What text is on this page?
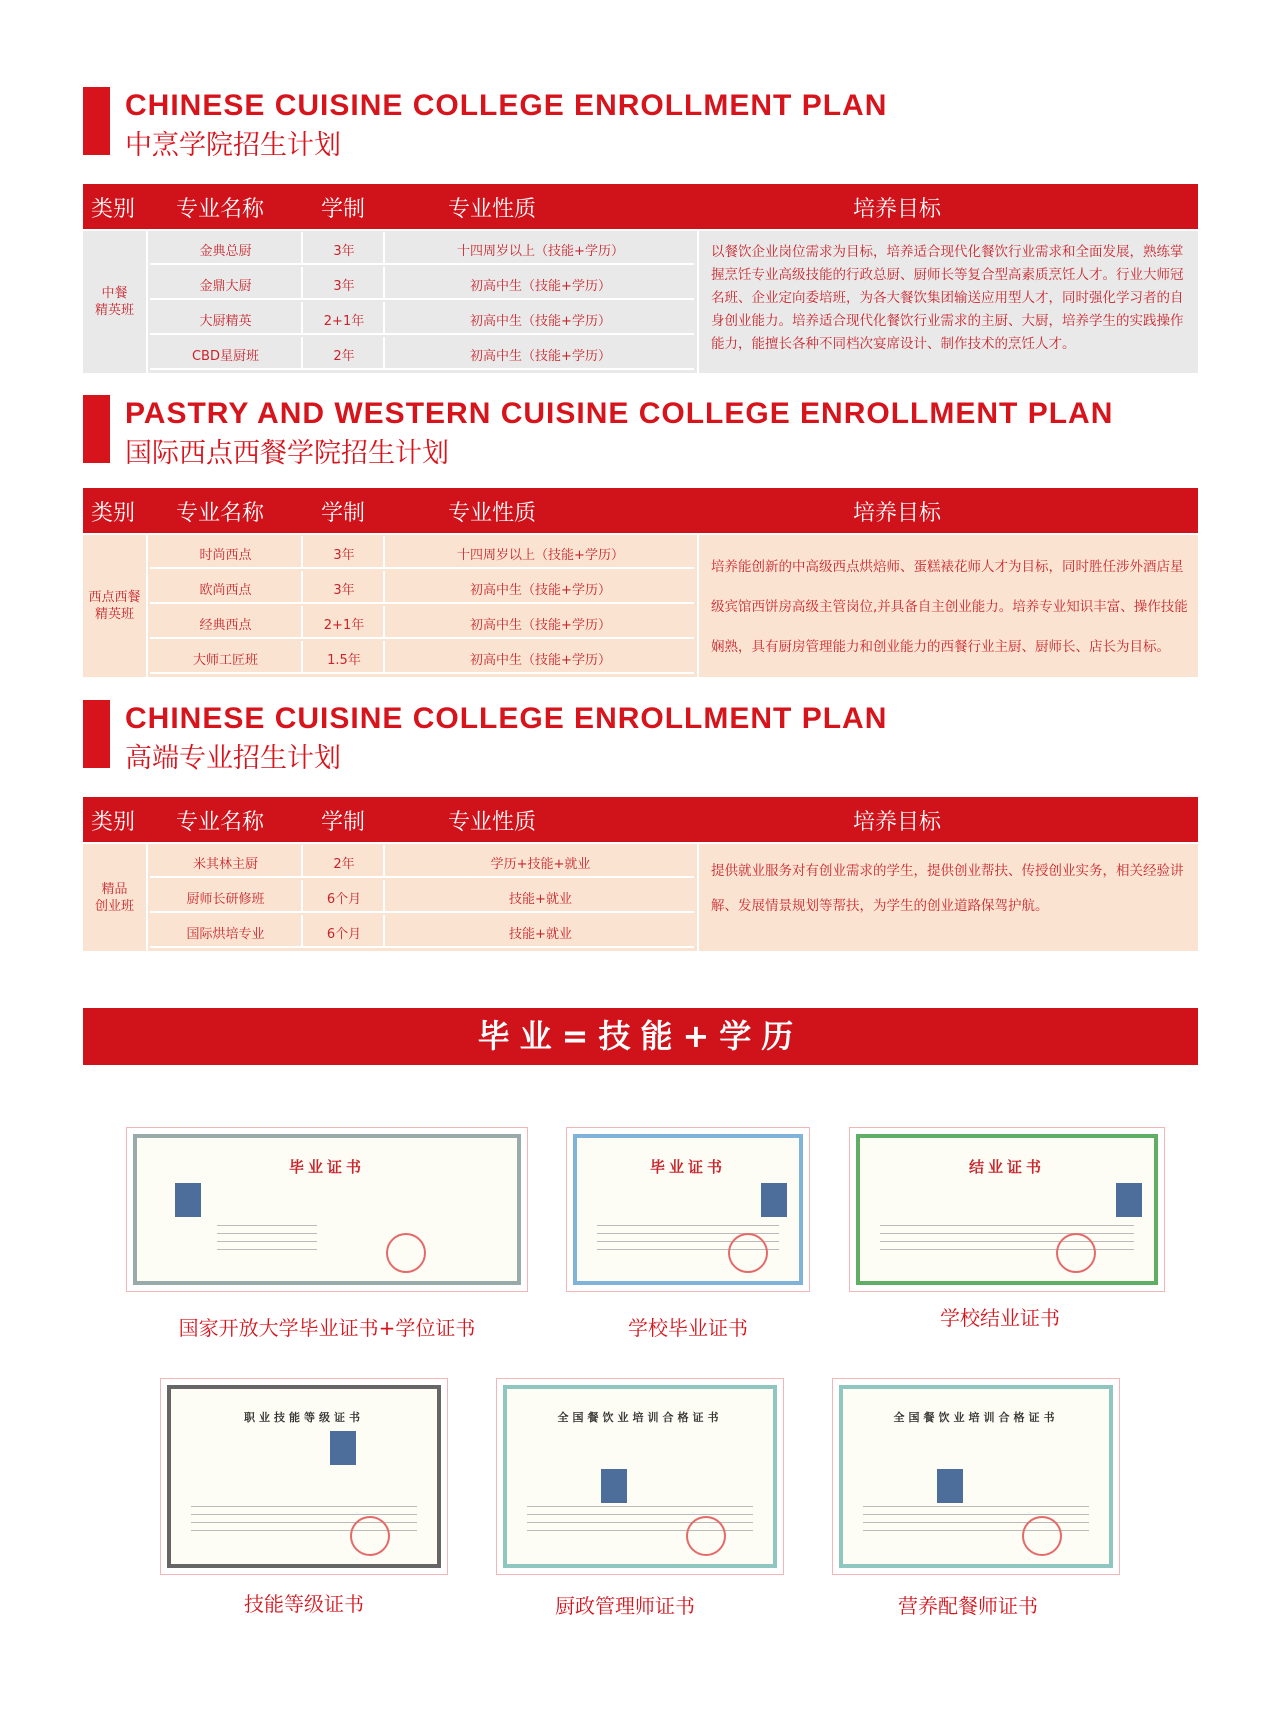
CHINESE CUISINE COLLEGE ENROLLMENT PLAN
中烹学院招生计划
类别 专业名称	学制	专业性质	培养目标
中餐
精英班
金典总厨	3年	十四周岁以上（技能+学历）
金鼎大厨	3年	初高中生（技能+学历）
大厨精英	2+1年	初高中生（技能+学历）
CBD星厨班	2年	初高中生（技能+学历）
以餐饮企业岗位需求为目标，培养适合现代化餐饮行业需求和全面发展，熟练掌握烹饪专业高级技能的行政总厨、厨师长等复合型高素质烹饪人才。行业大师冠名班、企业定向委培班，为各大餐饮集团输送应用型人才，同时强化学习者的自身创业能力。培养适合现代化餐饮行业需求的主厨、大厨，培养学生的实践操作能力，能擅长各种不同档次宴席设计、制作技术的烹饪人才。
PASTRY AND WESTERN CUISINE COLLEGE ENROLLMENT PLAN
国际西点西餐学院招生计划
类别 专业名称	学制	专业性质	培养目标
西点西餐
精英班
时尚西点	3年	十四周岁以上（技能+学历）
欧尚西点	3年	初高中生（技能+学历）
经典西点	2+1年	初高中生（技能+学历）
大师工匠班	1.5年	初高中生（技能+学历）
培养能创新的中高级西点烘焙师、蛋糕裱花师人才为目标，同时胜任涉外酒店星级宾馆西饼房高级主管岗位,并具备自主创业能力。培养专业知识丰富、操作技能娴熟，具有厨房管理能力和创业能力的西餐行业主厨、厨师长、店长为目标。
CHINESE CUISINE COLLEGE ENROLLMENT PLAN
高端专业招生计划
类别 专业名称	学制	专业性质	培养目标
精品
创业班
米其林主厨	2年	学历+技能+就业
厨师长研修班	6个月	技能+就业
国际烘培专业	6个月	技能+就业
提供就业服务对有创业需求的学生，提供创业帮扶、传授创业实务，相关经验讲解、发展情景规划等帮扶，为学生的创业道路保驾护航。
毕业=技能+学历
毕业证书
国家开放大学毕业证书+学位证书
毕业证书
学校毕业证书
结业证书
学校结业证书
职业技能等级证书
技能等级证书
全国餐饮业培训合格证书
厨政管理师证书
全国餐饮业培训合格证书
营养配餐师证书
